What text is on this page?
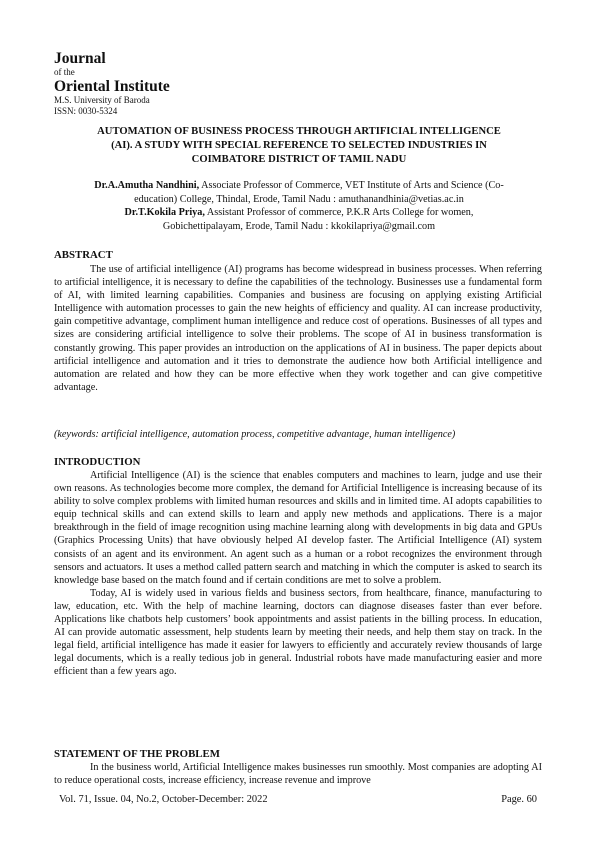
Journal
of the
Oriental Institute
M.S. University of Baroda
ISSN: 0030-5324
AUTOMATION OF BUSINESS PROCESS THROUGH ARTIFICIAL INTELLIGENCE
(AI). A STUDY WITH SPECIAL REFERENCE TO SELECTED INDUSTRIES IN
COIMBATORE DISTRICT OF TAMIL NADU
Dr.A.Amutha Nandhini, Associate Professor of Commerce, VET Institute of Arts and Science (Co-
education) College, Thindal, Erode, Tamil Nadu : amuthanandhinia@vetias.ac.in
Dr.T.Kokila Priya, Assistant Professor of commerce, P.K.R Arts College for women,
Gobichettipalayam, Erode, Tamil Nadu : kkokilapriya@gmail.com
ABSTRACT

The use of artificial intelligence (AI) programs has become widespread in business processes. When referring to artificial intelligence, it is necessary to define the capabilities of the technology. Businesses use a fundamental form of AI, with limited learning capabilities. Companies and business are focusing on applying existing Artificial Intelligence with automation processes to gain the new heights of efficiency and quality. AI can increase productivity, gain competitive advantage, compliment human intelligence and reduce cost of operations. Businesses of all types and sizes are considering artificial intelligence to solve their problems. The scope of AI in business transformation is constantly growing. This paper provides an introduction on the applications of AI in business. The paper depicts about artificial intelligence and automation and it tries to demonstrate the audience how both Artificial intelligence and automation are related and how they can be more effective when they work together and can give competitive advantage.

(keywords: artificial intelligence, automation process, competitive advantage, human intelligence)
INTRODUCTION

Artificial Intelligence (AI) is the science that enables computers and machines to learn, judge and use their own reasons. As technologies become more complex, the demand for Artificial Intelligence is increasing because of its ability to solve complex problems with limited human resources and skills and in limited time. AI adopts capabilities to equip technical skills and can extend skills to learn and apply new methods and applications. There is a major breakthrough in the field of image recognition using machine learning along with developments in big data and GPUs (Graphics Processing Units) that have obviously helped AI develop faster. The Artificial Intelligence (AI) system consists of an agent and its environment. An agent such as a human or a robot recognizes the environment through sensors and actuators. It uses a method called pattern search and matching in which the computer is asked to search its knowledge base based on the match found and if certain conditions are met to solve a problem.

Today, AI is widely used in various fields and business sectors, from healthcare, finance, manufacturing to law, education, etc. With the help of machine learning, doctors can diagnose diseases faster than ever before. Applications like chatbots help customers’ book appointments and assist patients in the billing process. In education, AI can provide automatic assessment, help students learn by meeting their needs, and help them stay on track. In the legal field, artificial intelligence has made it easier for lawyers to efficiently and accurately review thousands of large legal documents, which is a really tedious job in general. Industrial robots have made manufacturing easier and more efficient than a few years ago.

STATEMENT OF THE PROBLEM

In the business world, Artificial Intelligence makes businesses run smoothly. Most companies are adopting AI to reduce operational costs, increase efficiency, increase revenue and improve

Vol. 71, Issue. 04, No.2, October-December: 2022	Page. 60
